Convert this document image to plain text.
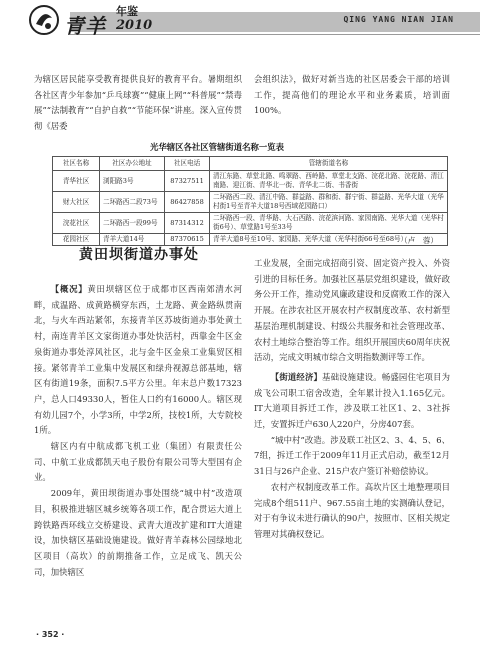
青羊
年鉴
2010	QING YANG NIAN JIAN

为辖区居民能享受教育提供良好的教育平台。暑期组织各社区青少年参加“乒乓球赛”“健康上网”“科普展”“禁毒展”“法制教育”“自护自救”“节能环保”讲座。深入宣传贯彻《居委

会组织法》，做好对新当选的社区居委会干部的培训工作，提高他们的理论水平和业务素质，培训面100%。

光华辖区各社区管辖街道名称一览表
社区名称	社区办公地址	社区电话	管辖街道名称
青华社区	浏阳路3号	87327511	清江东路、草堂北路、鸣翠路、西岭路、草堂北支路、浣花北路、浣花路、清江南路、迎江街、青华北一街、青华北二街、书香街
财大社区	二环路西二段73号	86427858	二环路西二段、清江中路、群益路、群和街、群宁街、群益路、光华大道（光华村街1号至青羊大道18号西域花园路口）
浣花社区	二环路西一段99号	87314312	二环路西一段、青华路、大石西路、浣花滨河路、家园南路、光华大道（光华村街6号）、草堂路1号至33号
花园社区	青羊大道14号	87370615	青羊大道8号至10号、家园路、光华大道（光华村街66号至68号）
（卢　蓉）
黄田坝街道办事处

【概况】黄田坝辖区位于成都市区西南郊清水河畔，成温路、成黄路横穿东西，土龙路、黄金路纵贯南北，与火车西站紧邻，东接青羊区苏坡街道办事处黄土村，南连青羊区文家街道办事处快活村，西靠金牛区金泉街道办事处淳风社区，北与金牛区金泉工业集贸区相接。紧邻青羊工业集中发展区和绿舟视源总部基地，辖区有街道19条，面积7.5平方公里。年末总户数17323户，总人口49330人，暂住人口约有16000人。辖区现有幼儿园7个，小学3所，中学2所，技校1所，大专院校1所。

辖区内有中航成都飞机工业（集团）有限责任公司、中航工业成都凯天电子股份有限公司等大型国有企业。

2009年，黄田坝街道办事处围绕“城中村”改造项目，积极推进辖区城乡统筹各项工作，配合贯运大道上跨铁路西环线立交桥建设、武青大道改扩建和IT大道建设，加快辖区基础设施建设。做好青羊森林公园绿地北区项目（高坎）的前期推备工作，立足成飞、凯天公司，加快辖区

工业发展，全面完成招商引资、固定资产投入、外资引进的目标任务。加强社区基层党组织建设，做好政务公开工作，推动党风廉政建设和反腐败工作的深入开展。在涉农社区开展农村产权制度改革、农村新型基层治理机制建设、村级公共服务和社会管理改革、农村土地综合整治等工作。组织开展国庆60周年庆祝活动，完成文明城市综合文明指数测评等工作。

【街道经济】基础设施建设。畅盛园住宅项目为成飞公司职工宿舍改造，全年累计投入1.165亿元。IT大道项目拆迁工作，涉及联工社区1、2、3社拆迁，安置拆迁户630人220户，分房407套。

“城中村”改造。涉及联工社区2、3、4、5、6、7组，拆迁工作于2009年11月正式启动，截至12月31日与26户企业、215户农户签订补赔偿协议。

农村产权制度改革工作。高坎片区土地整理项目完成8个组511户、967.55亩土地的实测确认登记，对于有争议未进行确认的90户，按照市、区相关规定管理对其确权登记。

· 352 ·
